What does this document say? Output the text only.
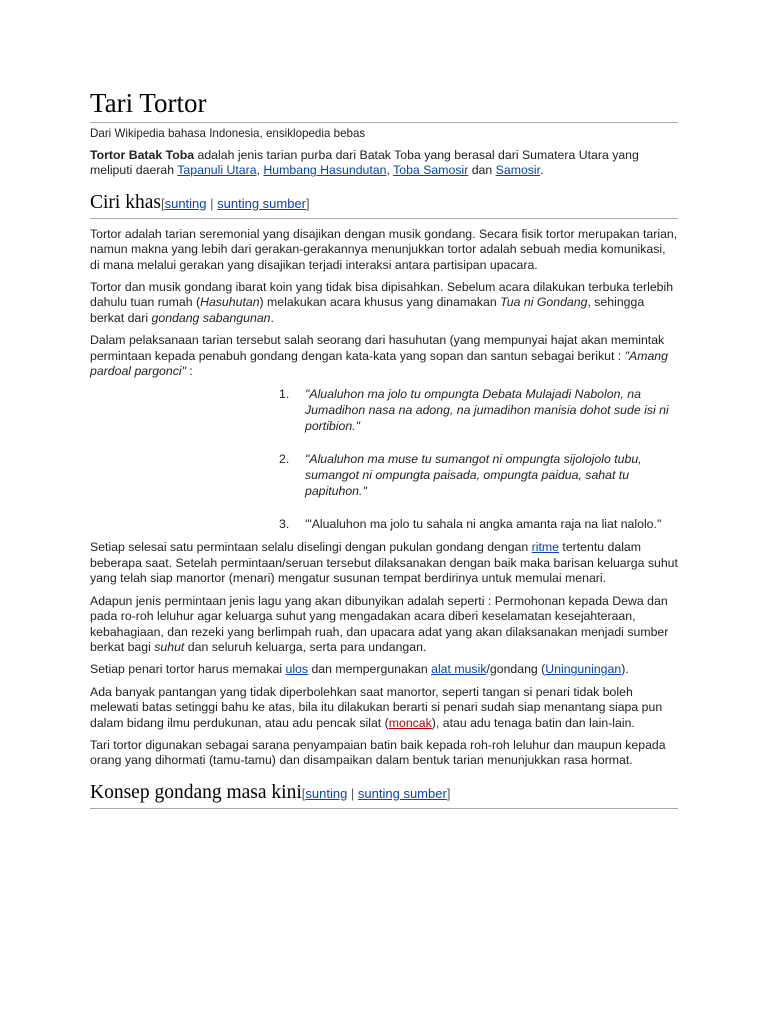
Tari Tortor
Dari Wikipedia bahasa Indonesia, ensiklopedia bebas

Tortor Batak Toba adalah jenis tarian purba dari Batak Toba yang berasal dari Sumatera Utara yang meliputi daerah Tapanuli Utara, Humbang Hasundutan, Toba Samosir dan Samosir.

Ciri khas[sunting | sunting sumber]

Tortor adalah tarian seremonial yang disajikan dengan musik gondang. Secara fisik tortor merupakan tarian, namun makna yang lebih dari gerakan-gerakannya menunjukkan tortor adalah sebuah media komunikasi, di mana melalui gerakan yang disajikan terjadi interaksi antara partisipan upacara.

Tortor dan musik gondang ibarat koin yang tidak bisa dipisahkan. Sebelum acara dilakukan terbuka terlebih dahulu tuan rumah (Hasuhutan) melakukan acara khusus yang dinamakan Tua ni Gondang, sehingga berkat dari gondang sabangunan.

Dalam pelaksanaan tarian tersebut salah seorang dari hasuhutan (yang mempunyai hajat akan memintak permintaan kepada penabuh gondang dengan kata-kata yang sopan dan santun sebagai berikut : "Amang pardoal pargonci" :

1. "Alualuhon ma jolo tu ompungta Debata Mulajadi Nabolon, na Jumadihon nasa na adong, na jumadihon manisia dohot sude isi ni portibion."
2. "Alualuhon ma muse tu sumangot ni ompungta sijolojolo tubu, sumangot ni ompungta paisada, ompungta paidua, sahat tu papituhon."
3. '"Alualuhon ma jolo tu sahala ni angka amanta raja na liat nalolo."

Setiap selesai satu permintaan selalu diselingi dengan pukulan gondang dengan ritme tertentu dalam beberapa saat. Setelah permintaan/seruan tersebut dilaksanakan dengan baik maka barisan keluarga suhut yang telah siap manortor (menari) mengatur susunan tempat berdirinya untuk memulai menari.

Adapun jenis permintaan jenis lagu yang akan dibunyikan adalah seperti : Permohonan kepada Dewa dan pada ro-roh leluhur agar keluarga suhut yang mengadakan acara diberi keselamatan kesejahteraan, kebahagiaan, dan rezeki yang berlimpah ruah, dan upacara adat yang akan dilaksanakan menjadi sumber berkat bagi suhut dan seluruh keluarga, serta para undangan.

Setiap penari tortor harus memakai ulos dan mempergunakan alat musik/gondang (Uninguningan).

Ada banyak pantangan yang tidak diperbolehkan saat manortor, seperti tangan si penari tidak boleh melewati batas setinggi bahu ke atas, bila itu dilakukan berarti si penari sudah siap menantang siapa pun dalam bidang ilmu perdukunan, atau adu pencak silat (moncak), atau adu tenaga batin dan lain-lain.

Tari tortor digunakan sebagai sarana penyampaian batin baik kepada roh-roh leluhur dan maupun kepada orang yang dihormati (tamu-tamu) dan disampaikan dalam bentuk tarian menunjukkan rasa hormat.

Konsep gondang masa kini[sunting | sunting sumber]
